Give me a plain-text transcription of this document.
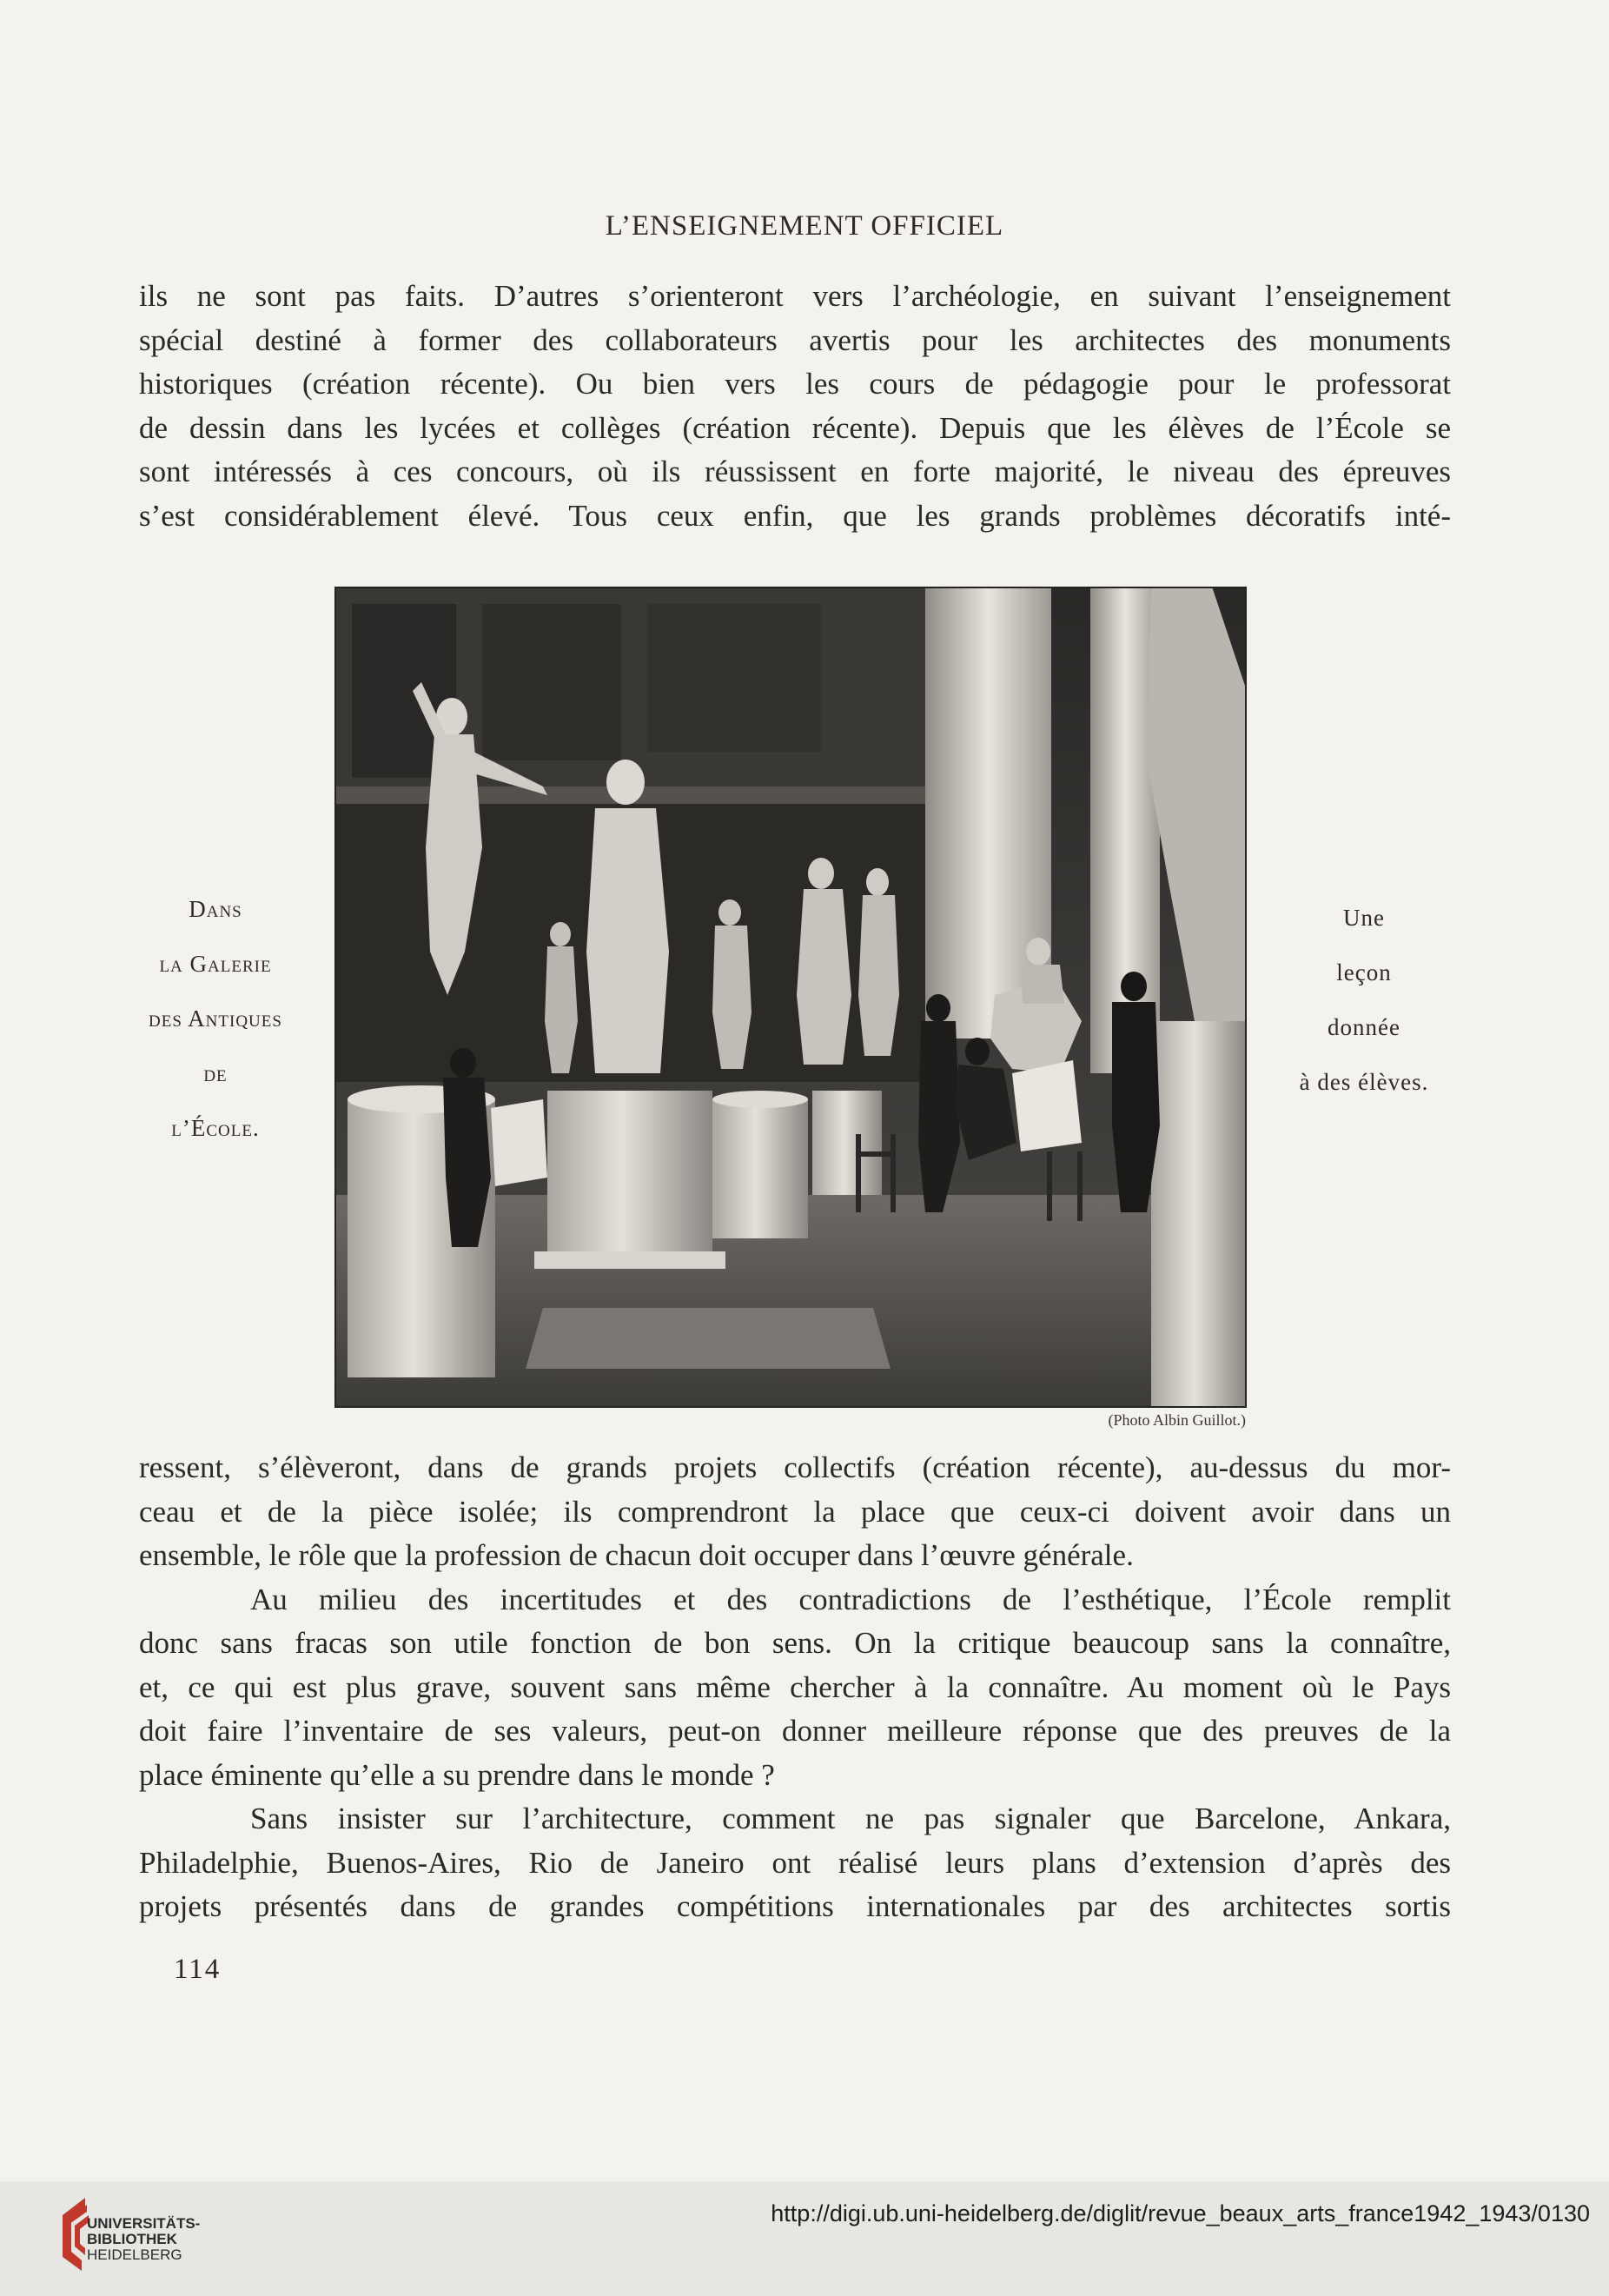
L’ENSEIGNEMENT OFFICIEL

ils ne sont pas faits. D’autres s’orienteront vers l’archéologie, en suivant l’enseignement
spécial destiné à former des collaborateurs avertis pour les architectes des monuments
historiques (création récente). Ou bien vers les cours de pédagogie pour le professorat
de dessin dans les lycées et collèges (création récente). Depuis que les élèves de l’École se
sont intéressés à ces concours, où ils réussissent en forte majorité, le niveau des épreuves
s’est considérablement élevé. Tous ceux enfin, que les grands problèmes décoratifs inté-

Dans
la Galerie
des Antiques
de
l’École.
Une
leçon
donnée
à des élèves.
(Photo Albin Guillot.)

ressent, s’élèveront, dans de grands projets collectifs (création récente), au-dessus du mor-
ceau et de la pièce isolée; ils comprendront la place que ceux-ci doivent avoir dans un
ensemble, le rôle que la profession de chacun doit occuper dans l’œuvre générale.

Au milieu des incertitudes et des contradictions de l’esthétique, l’École remplit
donc sans fracas son utile fonction de bon sens. On la critique beaucoup sans la connaître,
et, ce qui est plus grave, souvent sans même chercher à la connaître. Au moment où le Pays
doit faire l’inventaire de ses valeurs, peut-on donner meilleure réponse que des preuves de la
place éminente qu’elle a su prendre dans le monde ?

Sans insister sur l’architecture, comment ne pas signaler que Barcelone, Ankara,
Philadelphie, Buenos-Aires, Rio de Janeiro ont réalisé leurs plans d’extension d’après des
projets présentés dans de grandes compétitions internationales par des architectes sortis

114
UNIVERSITÄTS-
BIBLIOTHEK
HEIDELBERG
http://digi.ub.uni-heidelberg.de/diglit/revue_beaux_arts_france1942_1943/0130
